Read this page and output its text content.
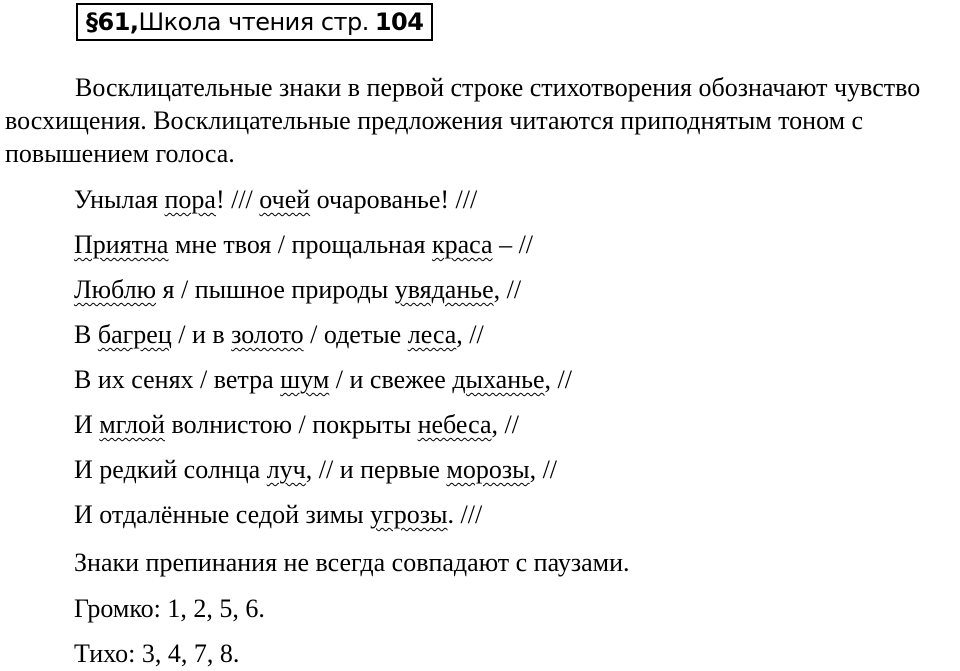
§61, Школа чтения стр. 104
Восклицательные знаки в первой строке стихотворения обозначают чувство восхищения. Восклицательные предложения читаются приподнятым тоном с повышением голоса.
Унылая пора! /// очей очарованье! ///
Приятна мне твоя / прощальная краса – //
Люблю я / пышное природы увяданье, //
В багрец / и в золото / одетые леса, //
В их сенях / ветра шум / и свежее дыханье, //
И мглой волнистою / покрыты небеса, //
И редкий солнца луч, // и первые морозы, //
И отдалённые седой зимы угрозы. ///
Знаки препинания не всегда совпадают с паузами.
Громко: 1, 2, 5, 6.
Тихо: 3, 4, 7, 8.
